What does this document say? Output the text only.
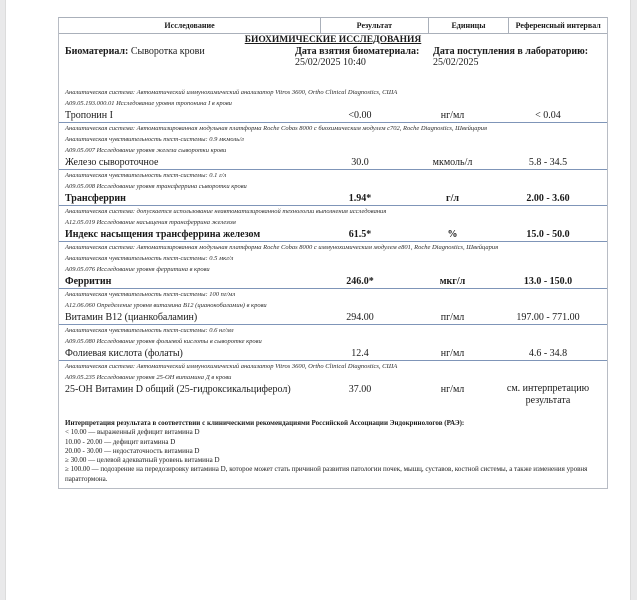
Исследование	Результат	Единицы	Референсный интервал
БИОХИМИЧЕСКИЕ ИССЛЕДОВАНИЯ
Биоматериал: Сыворотка крови	Дата взятия биоматериала:
25/02/2025 10:40
Дата поступления в лабораторию:
25/02/2025
Аналитическая система: Автоматический иммунохимический анализатор Vitros 3600, Ortho Clinical Diagnostics, США
A09.05.193.000.01 Исследование уровня тропонина I в крови
Тропонин I	<0.00	нг/мл	< 0.04
Аналитическая система: Автоматизированная модульная платформа Roche Cobas 8000 с биохимическим модулем с702, Roche Diagnostics, Швейцария
Аналитическая чувствительность тест-системы: 0.9 мкмоль/л
A09.05.007 Исследование уровня железа сыворотки крови
Железо сывороточное	30.0	мкмоль/л	5.8 - 34.5
Аналитическая чувствительность тест-системы: 0.1 г/л
A09.05.008 Исследование уровня трансферрина сыворотки крови
Трансферрин	1.94*	г/л	2.00 - 3.60
Аналитическая система: допускается использование неавтоматизированной технологии выполнения исследования
A12.05.019 Исследование насыщения трансферрина железом
Индекс насыщения трансферрина железом	61.5*	%	15.0 - 50.0
Аналитическая система: Автоматизированная модульная платформа Roche Cobas 8000 с иммунохимическим модулем e801, Roche Diagnostics, Швейцария
Аналитическая чувствительность тест-системы: 0.5 мкг/л
A09.05.076 Исследование уровня ферритина в крови
Ферритин	246.0*	мкг/л	13.0 - 150.0
Аналитическая чувствительность тест-системы: 100 пг/мл
A12.06.060 Определение уровня витамина B12 (цианокобаламин) в крови
Витамин B12 (цианкобаламин)	294.00	пг/мл	197.00 - 771.00
Аналитическая чувствительность тест-системы: 0.6 нг/мл
A09.05.080 Исследование уровня фолиевой кислоты в сыворотке крови
Фолиевая кислота (фолаты)	12.4	нг/мл	4.6 - 34.8
Аналитическая система: Автоматический иммунохимический анализатор Vitros 3600, Ortho Clinical Diagnostics, США
A09.05.235 Исследование уровня 25-ОН витамина Д в крови
25-ОН Витамин D общий (25-гидроксикальциферол)	37.00	нг/мл	см. интерпретацию результата
Интерпретация результата в соответствии с клиническими рекомендациями Российской Ассоциации Эндокринологов (РАЭ):
< 10.00 — выраженный дефицит витамина D
10.00 - 20.00 — дефицит витамина D
20.00 - 30.00 — недостаточность витамина D
≥ 30.00 — целевой адекватный уровень витамина D
≥ 100.00 — подозрение на передозировку витамина D, которое может стать причиной развития патологии почек, мышц, суставов, костной системы, а также изменения уровня паратгормона.
